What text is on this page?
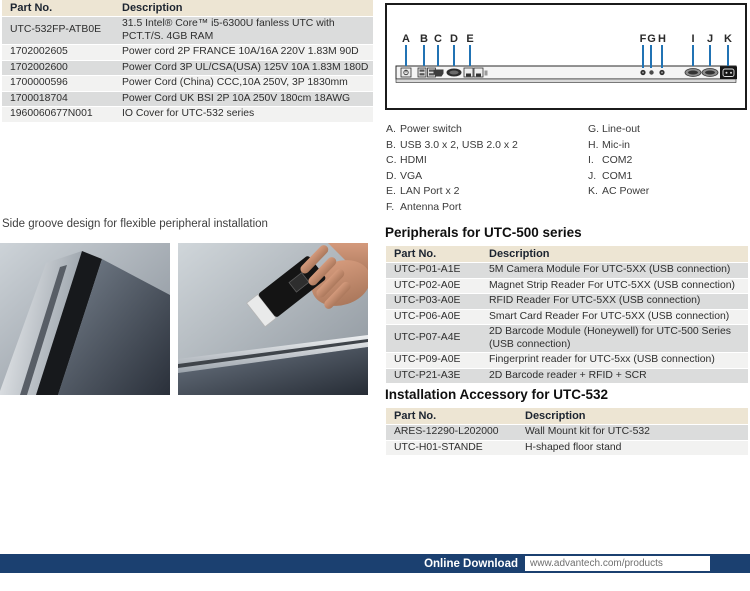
Part No.	Description
UTC-532FP-ATB0E	31.5 Intel® Core™ i5-6300U fanless UTC with PCT.T/S. 4GB RAM
1702002605	Power cord 2P FRANCE 10A/16A 220V 1.83M 90D
1702002600	Power Cord 3P UL/CSA(USA) 125V 10A 1.83M 180D
1700000596	Power Cord (China) CCC,10A 250V, 3P 1830mm
1700018704	Power Cord UK BSI 2P 10A 250V 180cm 18AWG
1960060677N001	IO Cover for UTC-532 series
A B C D E	F G H I J K
A . Power switch
B . USB 3.0 x 2, USB 2.0 x 2
C . HDMI
D . VGA
E . LAN Port x 2
F . Antenna Port
G . Line-out
H . Mic-in
I . COM2
J . COM1
K . AC Power
Side groove design for flexible peripheral installation
Peripherals for UTC-500 series
Part No.	Description
UTC-P01-A1E	5M Camera Module For UTC-5XX (USB connection)
UTC-P02-A0E	Magnet Strip Reader For UTC-5XX (USB connection)
UTC-P03-A0E	RFID Reader For UTC-5XX (USB connection)
UTC-P06-A0E	Smart Card Reader For UTC-5XX (USB connection)
UTC-P07-A4E	2D Barcode Module (Honeywell) for UTC-500 Series (USB connection)
UTC-P09-A0E	Fingerprint reader for UTC-5xx (USB connection)
UTC-P21-A3E	2D Barcode reader + RFID + SCR
Installation Accessory for UTC-532
Part No.	Description
ARES-12290-L202000	Wall Mount kit for UTC-532
UTC-H01-STANDE	H-shaped floor stand
Online Download www.advantech.com/products
